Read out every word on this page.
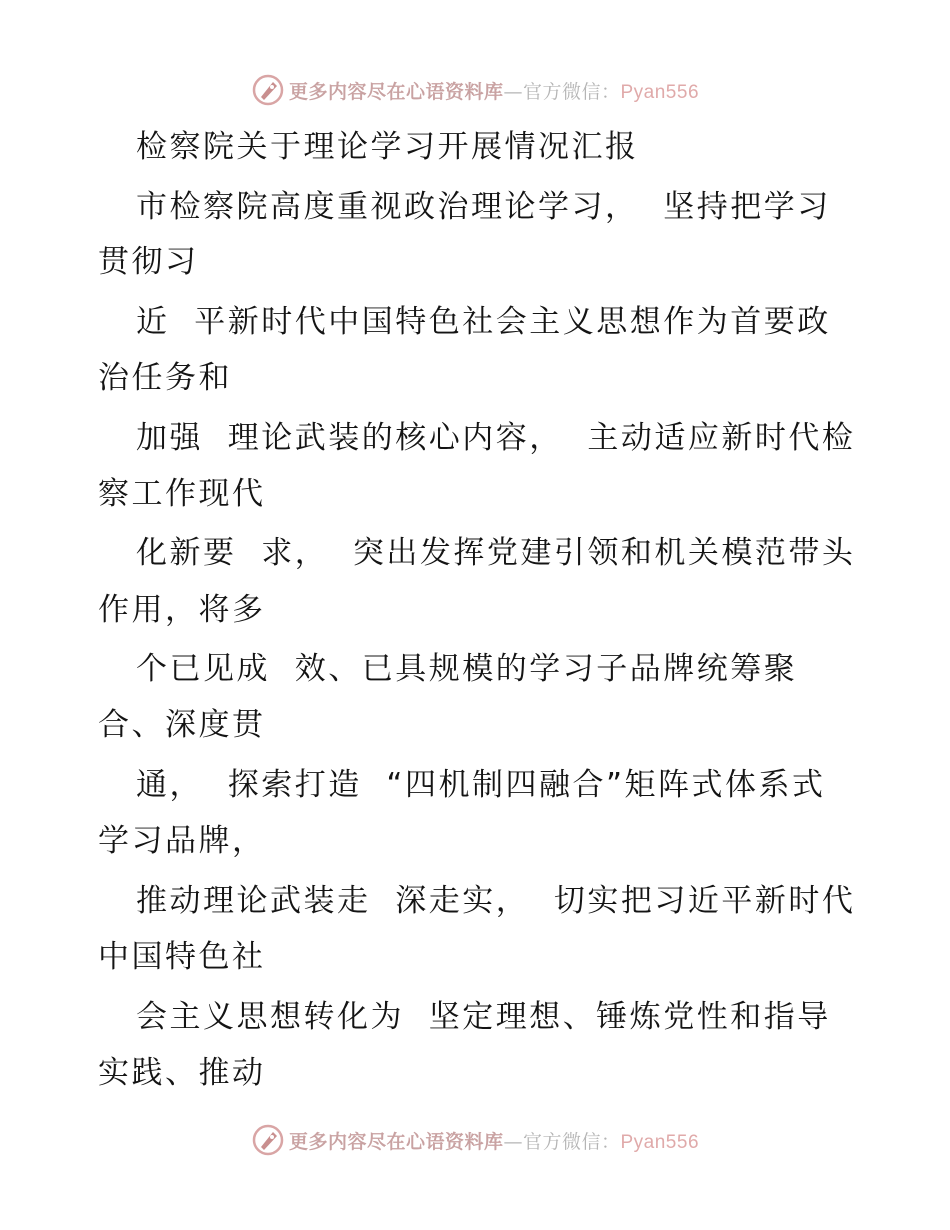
更多内容尽在心语资料库—官方微信：Pyan556

检察院关于理论学习开展情况汇报

市检察院高度重视政治理论学习，  坚持把学习

贯彻习

近  平新时代中国特色社会主义思想作为首要政

治任务和

加强  理论武装的核心内容，  主动适应新时代检

察工作现代

化新要  求，  突出发挥党建引领和机关模范带头

作用，将多

个已见成  效、已具规模的学习子品牌统筹聚

合、深度贯

通，  探索打造  “四机制四融合”矩阵式体系式

学习品牌，

推动理论武装走  深走实，  切实把习近平新时代

中国特色社

会主义思想转化为  坚定理想、锤炼党性和指导

实践、推动

更多内容尽在心语资料库—官方微信：Pyan556
